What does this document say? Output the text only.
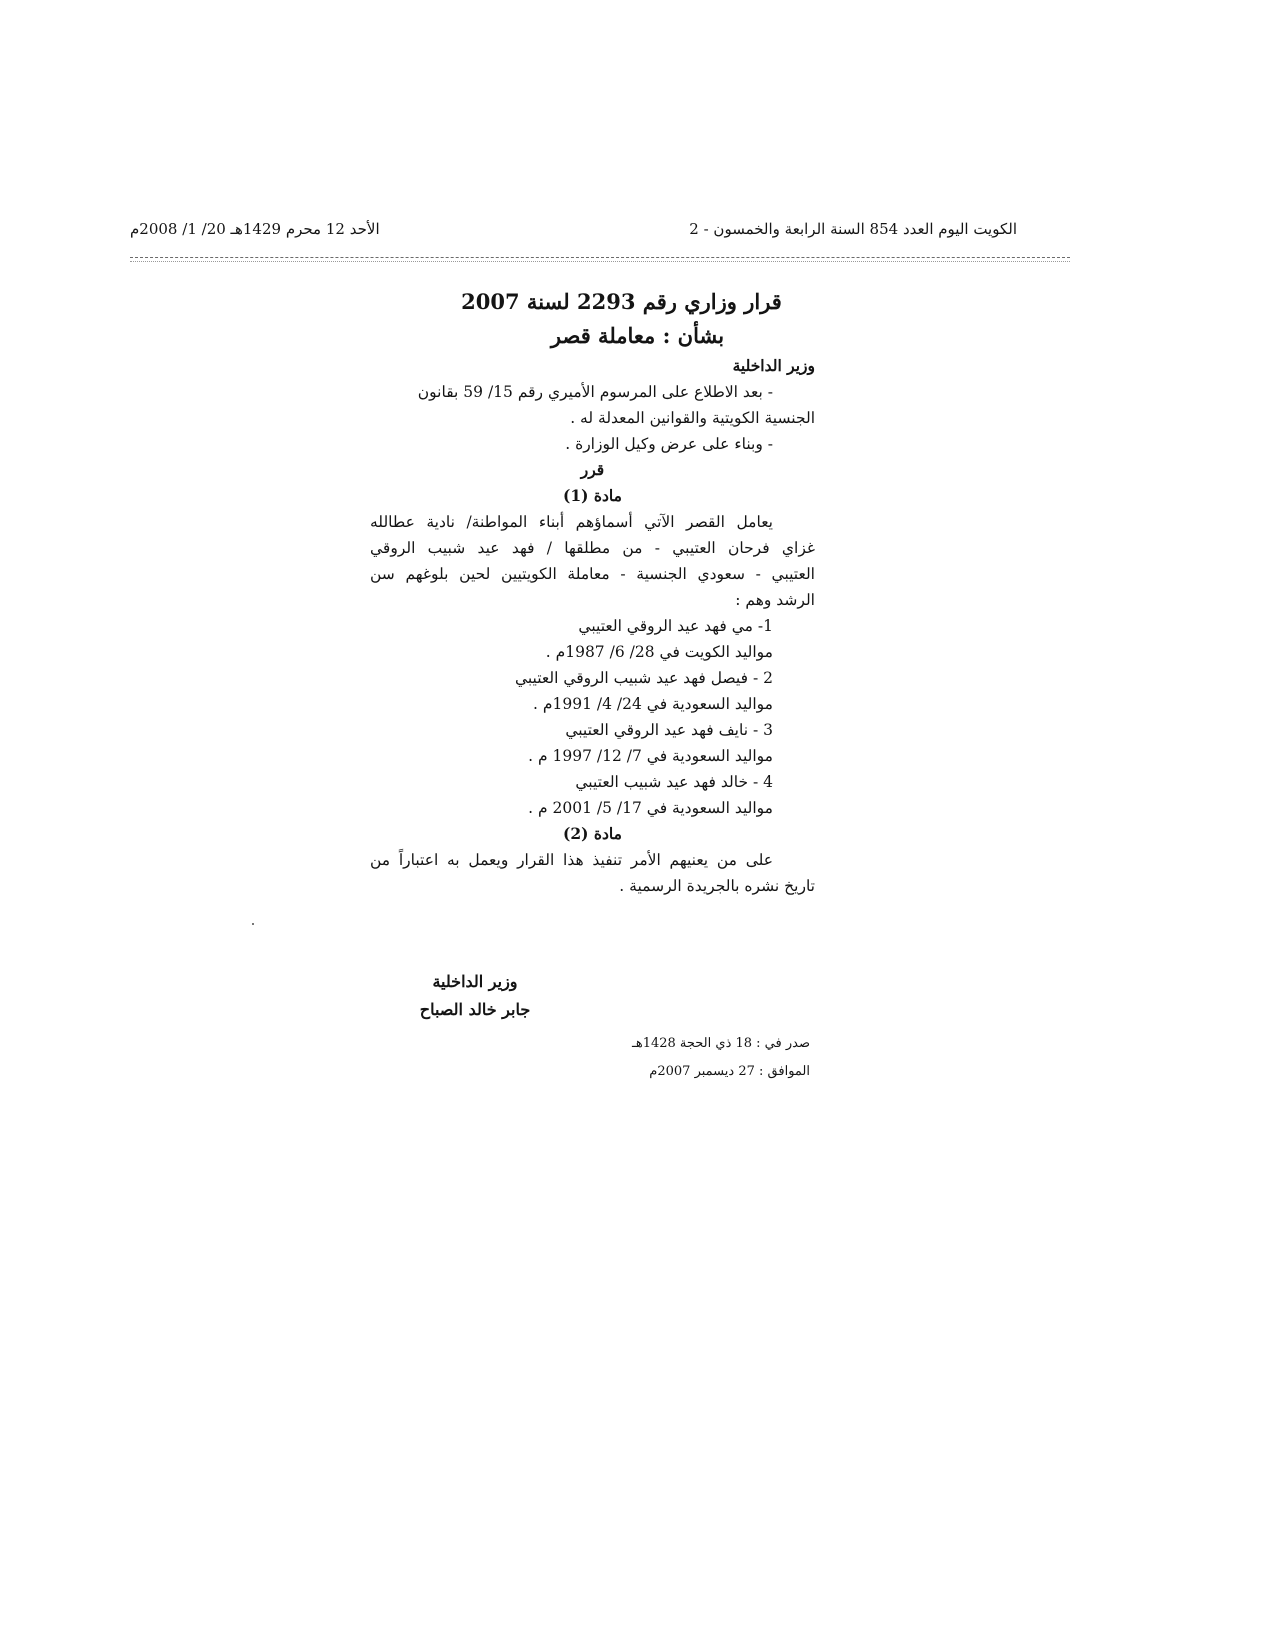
الكويت اليوم العدد 854 السنة الرابعة والخمسون - 2
الأحد 12 محرم 1429هـ 20/ 1/ 2008م
قرار وزاري رقم 2293 لسنة 2007
بشأن : معاملة قصر
وزير الداخلية
- بعد الاطلاع على المرسوم الأميري رقم 15/ 59 بقانون
الجنسية الكويتية والقوانين المعدلة له .
- وبناء على عرض وكيل الوزارة .
قرر
مادة (1)
يعامل القصر الآتي أسماؤهم أبناء المواطنة/ نادية عطالله
غزاي فرحان العتيبي - من مطلقها / فهد عيد شبيب الروقي
العتيبي - سعودي الجنسية - معاملة الكويتيين لحين بلوغهم سن
الرشد وهم :
1- مي فهد عيد الروقي العتيبي
مواليد الكويت في 28/ 6/ 1987م .
2 - فيصل فهد عيد شبيب الروقي العتيبي
مواليد السعودية في 24/ 4/ 1991م .
3 - نايف فهد عيد الروقي العتيبي
مواليد السعودية في 7/ 12/ 1997 م .
4 - خالد فهد عيد شبيب العتيبي
مواليد السعودية في 17/ 5/ 2001 م .
مادة (2)
على من يعنيهم الأمر تنفيذ هذا القرار ويعمل به اعتباراً من
تاريخ نشره بالجريدة الرسمية .
وزير الداخلية
جابر خالد الصباح
صدر في : 18 ذي الحجة 1428هـ
الموافق : 27 ديسمبر 2007م
